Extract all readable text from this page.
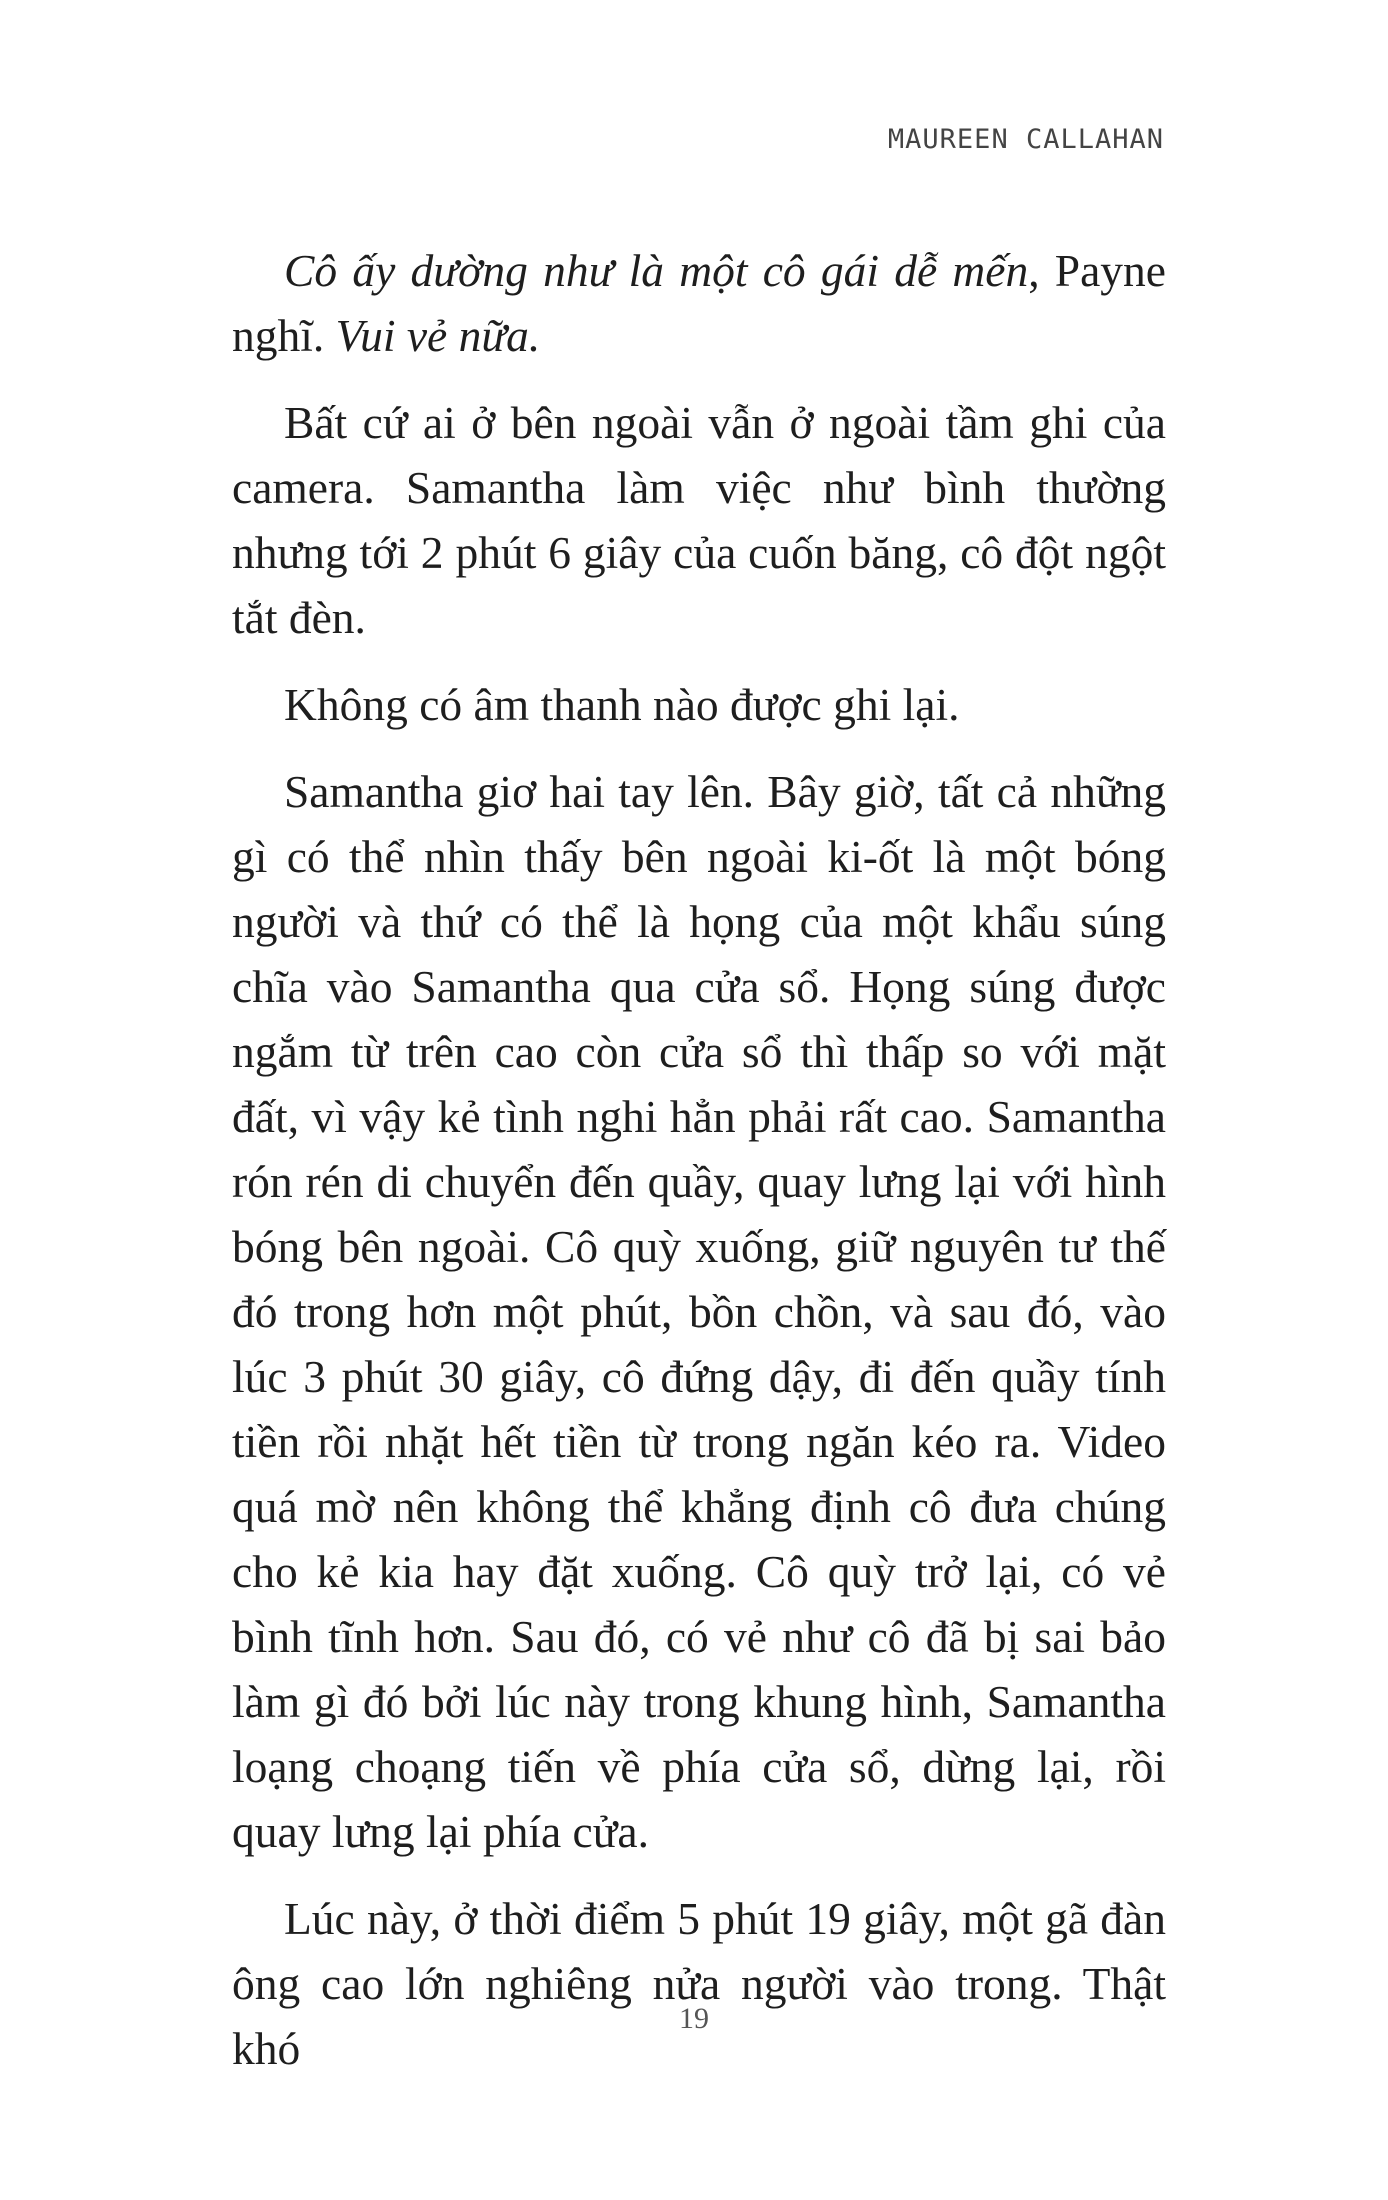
MAUREEN CALLAHAN

Cô ấy dường như là một cô gái dễ mến, Payne nghĩ. Vui vẻ nữa.

Bất cứ ai ở bên ngoài vẫn ở ngoài tầm ghi của camera. Samantha làm việc như bình thường nhưng tới 2 phút 6 giây của cuốn băng, cô đột ngột tắt đèn.

Không có âm thanh nào được ghi lại.

Samantha giơ hai tay lên. Bây giờ, tất cả những gì có thể nhìn thấy bên ngoài ki-ốt là một bóng người và thứ có thể là họng của một khẩu súng chĩa vào Samantha qua cửa sổ. Họng súng được ngắm từ trên cao còn cửa sổ thì thấp so với mặt đất, vì vậy kẻ tình nghi hẳn phải rất cao. Samantha rón rén di chuyển đến quầy, quay lưng lại với hình bóng bên ngoài. Cô quỳ xuống, giữ nguyên tư thế đó trong hơn một phút, bồn chồn, và sau đó, vào lúc 3 phút 30 giây, cô đứng dậy, đi đến quầy tính tiền rồi nhặt hết tiền từ trong ngăn kéo ra. Video quá mờ nên không thể khẳng định cô đưa chúng cho kẻ kia hay đặt xuống. Cô quỳ trở lại, có vẻ bình tĩnh hơn. Sau đó, có vẻ như cô đã bị sai bảo làm gì đó bởi lúc này trong khung hình, Samantha loạng choạng tiến về phía cửa sổ, dừng lại, rồi quay lưng lại phía cửa.

Lúc này, ở thời điểm 5 phút 19 giây, một gã đàn ông cao lớn nghiêng nửa người vào trong. Thật khó

19
